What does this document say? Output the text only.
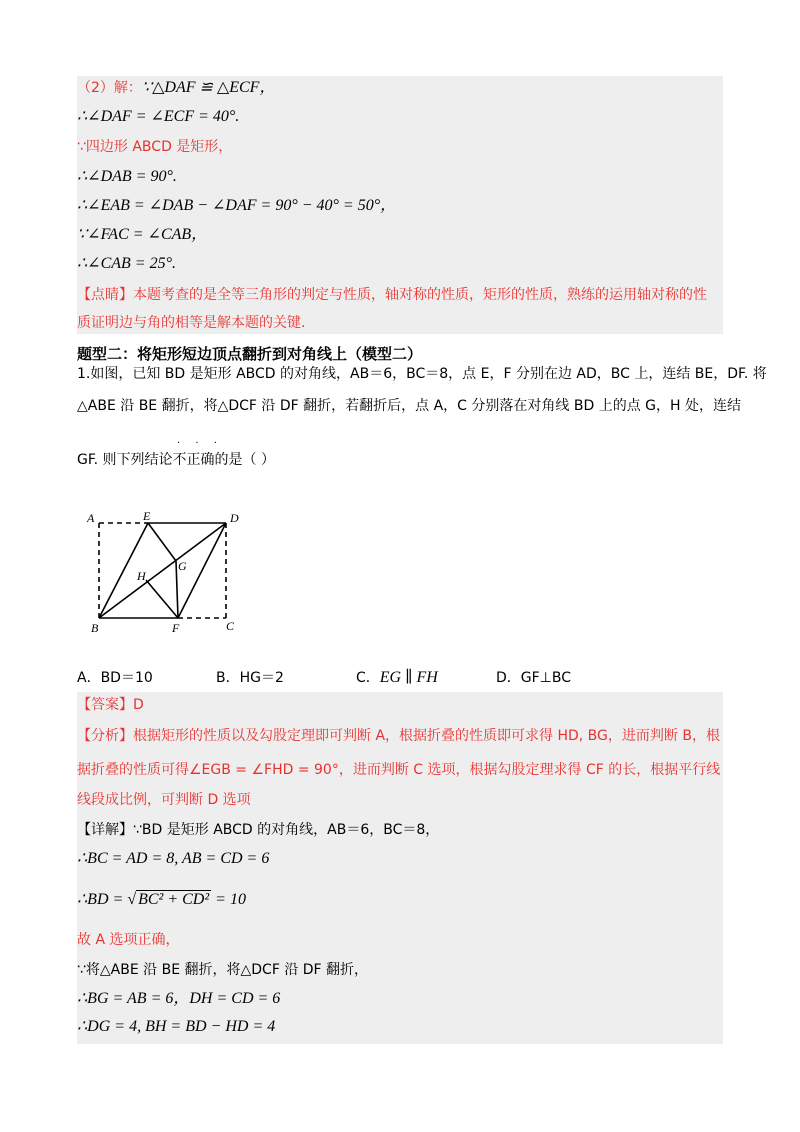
（2）解：∵△DAF ≌ △ECF，
∴∠DAF = ∠ECF = 40°.
∵四边形 ABCD 是矩形，
∴∠DAB = 90°.
∴∠EAB = ∠DAB − ∠DAF = 90° − 40° = 50°，
∵∠FAC = ∠CAB，
∴∠CAB = 25°.
【点睛】本题考查的是全等三角形的判定与性质，轴对称的性质，矩形的性质，熟练的运用轴对称的性
质证明边与角的相等是解本题的关键.
题型二：将矩形短边顶点翻折到对角线上（模型二）
1.如图，已知 BD 是矩形 ABCD 的对角线，AB＝6，BC＝8，点 E，F 分别在边 AD，BC 上，连结 BE，DF. 将
△ABE 沿 BE 翻折，将△DCF 沿 DF 翻折，若翻折后，点 A，C 分别落在对角线 BD 上的点 G，H 处，连结
· · ·
GF. 则下列结论不正确的是（ ）
A	E	D
G
H
B	F	C
A．BD＝10	B．HG＝2	C．EG ∥ FH	D．GF⊥BC
【答案】D
【分析】根据矩形的性质以及勾股定理即可判断 A，根据折叠的性质即可求得 HD, BG，进而判断 B，根
据折叠的性质可得∠EGB = ∠FHD = 90°，进而判断 C 选项，根据勾股定理求得 CF 的长，根据平行线
线段成比例，可判断 D 选项
【详解】∵BD 是矩形 ABCD 的对角线，AB＝6，BC＝8，
∴BC = AD = 8, AB = CD = 6
∴BD = √ BC² + CD² = 10
故 A 选项正确，
∵将△ABE 沿 BE 翻折，将△DCF 沿 DF 翻折，
∴BG = AB = 6，DH = CD = 6
∴DG = 4, BH = BD − HD = 4
